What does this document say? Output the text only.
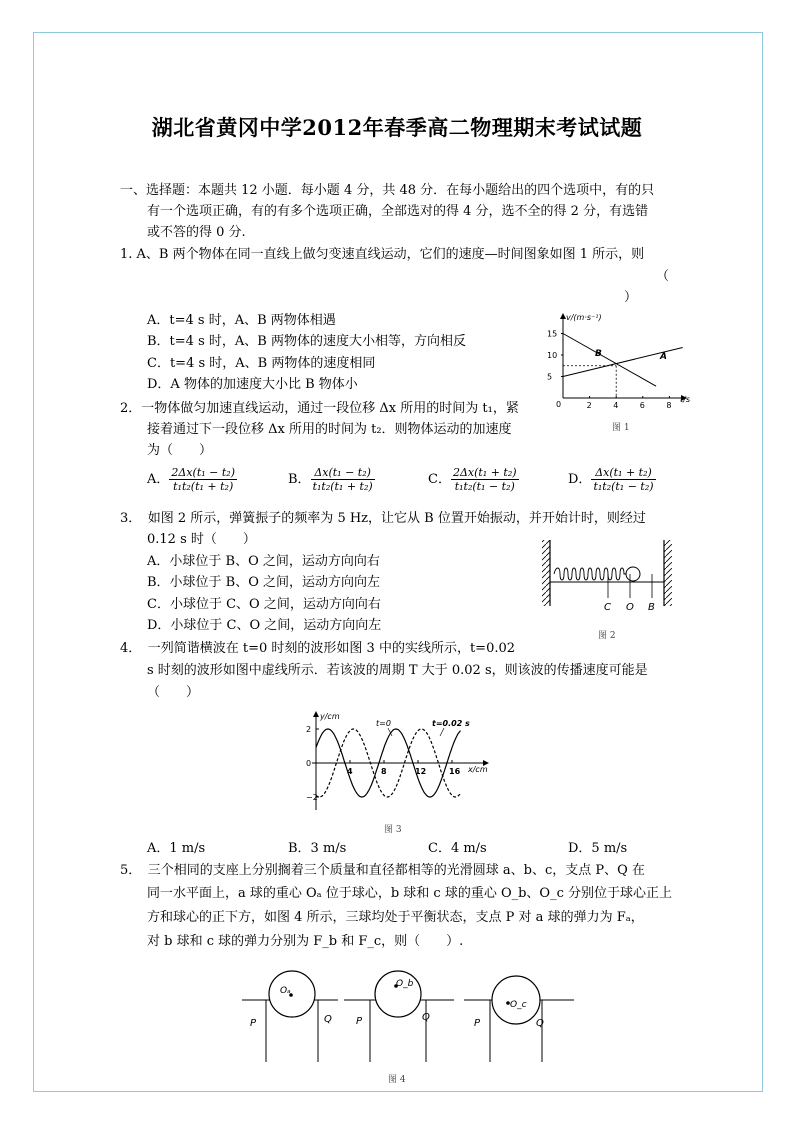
湖北省黄冈中学2012年春季高二物理期末考试试题
一、选择题：本题共 12 小题．每小题 4 分，共 48 分．在每小题给出的四个选项中，有的只
有一个选项正确，有的有多个选项正确，全部选对的得 4 分，选不全的得 2 分，有选错
或不答的得 0 分.
1. A、B 两个物体在同一直线上做匀变速直线运动，它们的速度—时间图象如图 1 所示，则
（
）
A．t=4 s 时，A、B 两物体相遇
B．t=4 s 时，A、B 两物体的速度大小相等，方向相反
C．t=4 s 时，A、B 两物体的速度相同
D．A 物体的加速度大小比 B 物体小
v/(m·s⁻¹)
t/s
0
15
10
5
2	4	6	8
A
B
图 1
2．一物体做匀加速直线运动，通过一段位移 Δx 所用的时间为 t₁，紧
接着通过下一段位移 Δx 所用的时间为 t₂．则物体运动的加速度
为（　　）
A． $\frac{\text{2Δx(t₁ − t₂)}}{\text{t₁t₂(t₁ + t₂)}}$	B． $\frac{\text{Δx(t₁ − t₂)}}{\text{t₁t₂(t₁ + t₂)}}$	C． $\frac{\text{2Δx(t₁ + t₂)}}{\text{t₁t₂(t₁ − t₂)}}$	D． $\frac{\text{Δx(t₁ + t₂)}}{\text{t₁t₂(t₁ − t₂)}}$
3．　如图 2 所示，弹簧振子的频率为 5 Hz，让它从 B 位置开始振动，并开始计时，则经过
0.12 s 时（　　）
A．小球位于 B、O 之间，运动方向向右
B．小球位于 B、O 之间，运动方向向左
C．小球位于 C、O 之间，运动方向向右
D．小球位于 C、O 之间，运动方向向左
C O B
图 2
4．　一列简谐横波在 t=0 时刻的波形如图 3 中的实线所示，t=0.02
s 时刻的波形如图中虚线所示．若该波的周期 T 大于 0.02 s，则该波的传播速度可能是
（　　）
y/cm
x/cm
t=0	t=0.02 s
2
0
−2
4	8	12	16
图 3
A．1 m/s	B．3 m/s	C．4 m/s	D．5 m/s
5．　三个相同的支座上分别搁着三个质量和直径都相等的光滑圆球 a、b、c，支点 P、Q 在
同一水平面上，a 球的重心 Oₐ 位于球心，b 球和 c 球的重心 O_b、O_c 分别位于球心正上
方和球心的正下方，如图 4 所示，三球均处于平衡状态，支点 P 对 a 球的弹力为 Fₐ，
对 b 球和 c 球的弹力分别为 F_b 和 F_c，则（　　）.
Oₐ
P	Q
O_b
P	Q
O_c
P	Q
图 4
